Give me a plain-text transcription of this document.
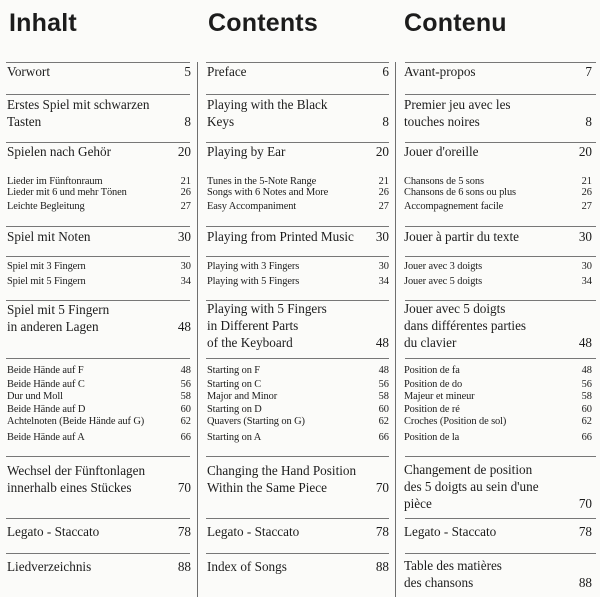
Inhalt
Vorwort	5
Erstes Spiel mit schwarzen
Tasten	8
Spielen nach Gehör	20
Lieder im Fünftonraum	21
Lieder mit 6 und mehr Tönen	26
Leichte Begleitung	27
Spiel mit Noten	30
Spiel mit 3 Fingern	30
Spiel mit 5 Fingern	34
Spiel mit 5 Fingern
in anderen Lagen	48
Beide Hände auf F	48
Beide Hände auf C	56
Dur und Moll	58
Beide Hände auf D	60
Achtelnoten (Beide Hände auf G)	62
Beide Hände auf A	66
Wechsel der Fünftonlagen
innerhalb eines Stückes	70
Legato - Staccato	78
Liedverzeichnis	88
Contents
Preface	6
Playing with the Black
Keys	8
Playing by Ear	20
Tunes in the 5-Note Range	21
Songs with 6 Notes and More	26
Easy Accompaniment	27
Playing from Printed Music	30
Playing with 3 Fingers	30
Playing with 5 Fingers	34
Playing with 5 Fingers
in Different Parts
of the Keyboard	48
Starting on F	48
Starting on C	56
Major and Minor	58
Starting on D	60
Quavers (Starting on G)	62
Starting on A	66
Changing the Hand Position
Within the Same Piece	70
Legato - Staccato	78
Index of Songs	88
Contenu
Avant-propos	7
Premier jeu avec les
touches noires	8
Jouer d'oreille	20
Chansons de 5 sons	21
Chansons de 6 sons ou plus	26
Accompagnement facile	27
Jouer à partir du texte	30
Jouer avec 3 doigts	30
Jouer avec 5 doigts	34
Jouer avec 5 doigts
dans différentes parties
du clavier	48
Position de fa	48
Position de do	56
Majeur et mineur	58
Position de ré	60
Croches (Position de sol)	62
Position de la	66
Changement de position
des 5 doigts au sein d'une
pièce	70
Legato - Staccato	78
Table des matières
des chansons	88
